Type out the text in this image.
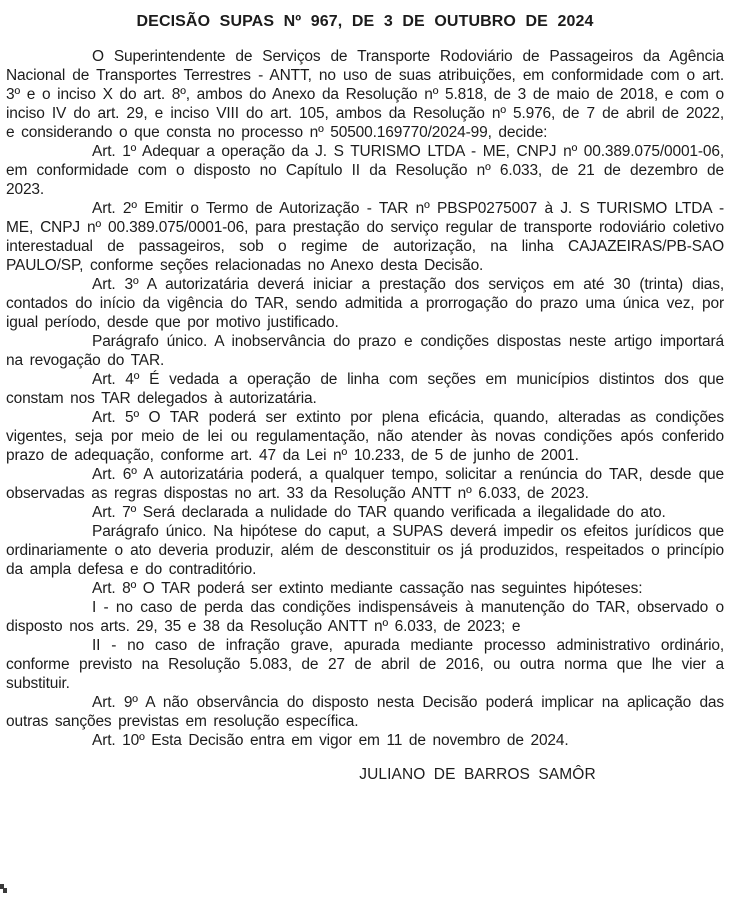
DECISÃO SUPAS Nº 967, DE 3 DE OUTUBRO DE 2024

O Superintendente de Serviços de Transporte Rodoviário de Passageiros da Agência Nacional de Transportes Terrestres - ANTT, no uso de suas atribuições, em conformidade com o art. 3º e o inciso X do art. 8º, ambos do Anexo da Resolução nº 5.818, de 3 de maio de 2018, e com o inciso IV do art. 29, e inciso VIII do art. 105, ambos da Resolução nº 5.976, de 7 de abril de 2022, e considerando o que consta no processo nº 50500.169770/2024-99, decide:

Art. 1º Adequar a operação da J. S TURISMO LTDA - ME, CNPJ nº 00.389.075/0001-06, em conformidade com o disposto no Capítulo II da Resolução nº 6.033, de 21 de dezembro de 2023.

Art. 2º Emitir o Termo de Autorização - TAR nº PBSP0275007 à J. S TURISMO LTDA - ME, CNPJ nº 00.389.075/0001-06, para prestação do serviço regular de transporte rodoviário coletivo interestadual de passageiros, sob o regime de autorização, na linha CAJAZEIRAS/PB-SAO PAULO/SP, conforme seções relacionadas no Anexo desta Decisão.

Art. 3º A autorizatária deverá iniciar a prestação dos serviços em até 30 (trinta) dias, contados do início da vigência do TAR, sendo admitida a prorrogação do prazo uma única vez, por igual período, desde que por motivo justificado.

Parágrafo único. A inobservância do prazo e condições dispostas neste artigo importará na revogação do TAR.

Art. 4º É vedada a operação de linha com seções em municípios distintos dos que constam nos TAR delegados à autorizatária.

Art. 5º O TAR poderá ser extinto por plena eficácia, quando, alteradas as condições vigentes, seja por meio de lei ou regulamentação, não atender às novas condições após conferido prazo de adequação, conforme art. 47 da Lei nº 10.233, de 5 de junho de 2001.

Art. 6º A autorizatária poderá, a qualquer tempo, solicitar a renúncia do TAR, desde que observadas as regras dispostas no art. 33 da Resolução ANTT nº 6.033, de 2023.

Art. 7º Será declarada a nulidade do TAR quando verificada a ilegalidade do ato.

Parágrafo único. Na hipótese do caput, a SUPAS deverá impedir os efeitos jurídicos que ordinariamente o ato deveria produzir, além de desconstituir os já produzidos, respeitados o princípio da ampla defesa e do contraditório.

Art. 8º O TAR poderá ser extinto mediante cassação nas seguintes hipóteses:

I - no caso de perda das condições indispensáveis à manutenção do TAR, observado o disposto nos arts. 29, 35 e 38 da Resolução ANTT nº 6.033, de 2023; e

II - no caso de infração grave, apurada mediante processo administrativo ordinário, conforme previsto na Resolução 5.083, de 27 de abril de 2016, ou outra norma que lhe vier a substituir.

Art. 9º A não observância do disposto nesta Decisão poderá implicar na aplicação das outras sanções previstas em resolução específica.

Art. 10º Esta Decisão entra em vigor em 11 de novembro de 2024.

JULIANO DE BARROS SAMÔR
